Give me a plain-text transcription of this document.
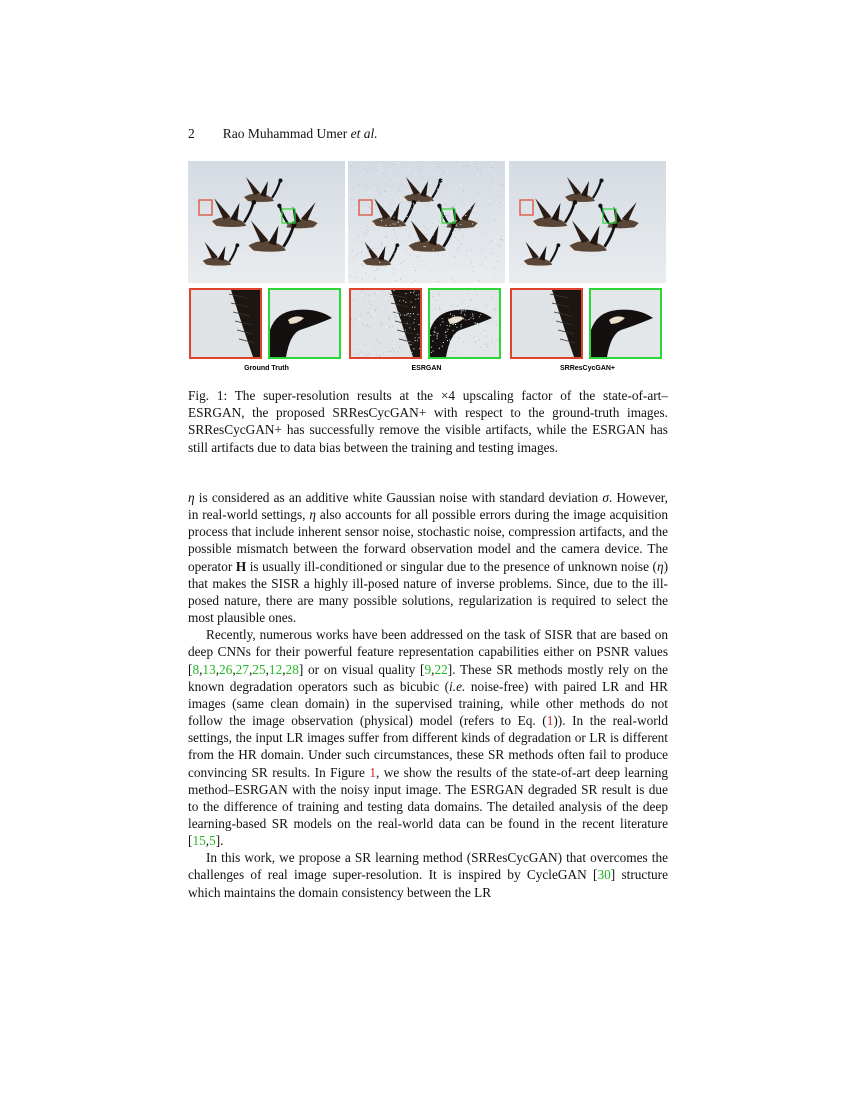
2 Rao Muhammad Umer et al.
Ground Truth	ESRGAN	SRResCycGAN+
Fig. 1: The super-resolution results at the ×4 upscaling factor of the state-of-art–ESRGAN, the proposed SRResCycGAN+ with respect to the ground-truth images. SRResCycGAN+ has successfully remove the visible artifacts, while the ESRGAN has still artifacts due to data bias between the training and testing images.

η is considered as an additive white Gaussian noise with standard deviation σ. However, in real-world settings, η also accounts for all possible errors during the image acquisition process that include inherent sensor noise, stochastic noise, compression artifacts, and the possible mismatch between the forward observation model and the camera device. The operator H is usually ill-conditioned or singular due to the presence of unknown noise (η) that makes the SISR a highly ill-posed nature of inverse problems. Since, due to the ill-posed nature, there are many possible solutions, regularization is required to select the most plausible ones.

Recently, numerous works have been addressed on the task of SISR that are based on deep CNNs for their powerful feature representation capabilities either on PSNR values [8,13,26,27,25,12,28] or on visual quality [9,22]. These SR methods mostly rely on the known degradation operators such as bicubic (i.e. noise-free) with paired LR and HR images (same clean domain) in the supervised training, while other methods do not follow the image observation (physical) model (refers to Eq. (1)). In the real-world settings, the input LR images suffer from different kinds of degradation or LR is different from the HR domain. Under such circumstances, these SR methods often fail to produce convincing SR results. In Figure 1, we show the results of the state-of-art deep learning method–ESRGAN with the noisy input image. The ESRGAN degraded SR result is due to the difference of training and testing data domains. The detailed analysis of the deep learning-based SR models on the real-world data can be found in the recent literature [15,5].

In this work, we propose a SR learning method (SRResCycGAN) that overcomes the challenges of real image super-resolution. It is inspired by CycleGAN [30] structure which maintains the domain consistency between the LR
